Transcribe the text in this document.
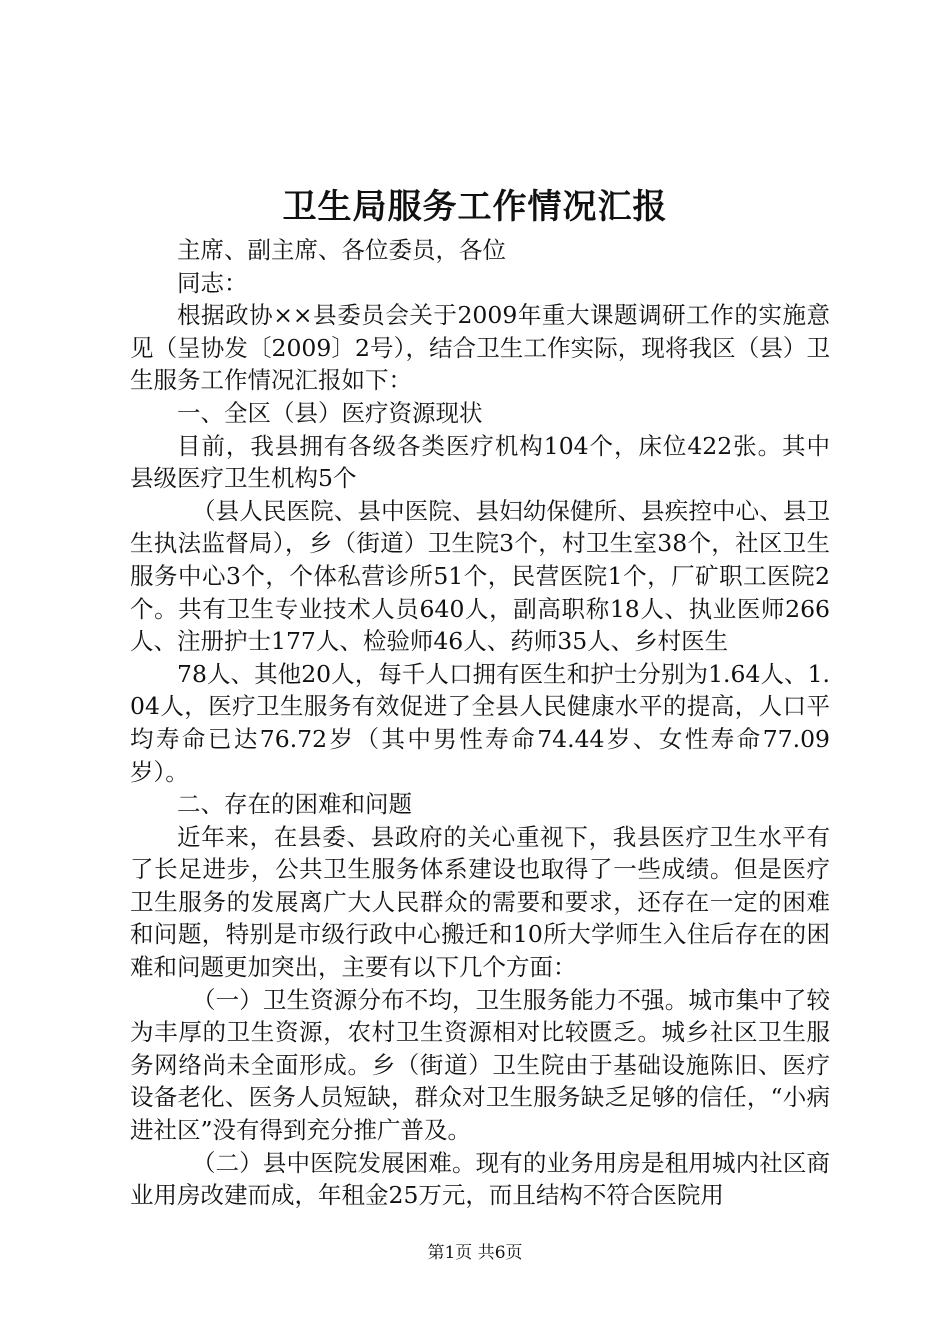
卫生局服务工作情况汇报

主席、副主席、各位委员，各位

同志：

根据政协××县委员会关于2009年重大课题调研工作的实施意见（呈协发〔2009〕2号），结合卫生工作实际，现将我区（县）卫生服务工作情况汇报如下：

一、全区（县）医疗资源现状

目前，我县拥有各级各类医疗机构104个，床位422张。其中县级医疗卫生机构5个

（县人民医院、县中医院、县妇幼保健所、县疾控中心、县卫生执法监督局），乡（街道）卫生院3个，村卫生室38个，社区卫生服务中心3个，个体私营诊所51个，民营医院1个，厂矿职工医院2个。共有卫生专业技术人员640人，副高职称18人、执业医师266人、注册护士177人、检验师46人、药师35人、乡村医生

78人、其他20人，每千人口拥有医生和护士分别为1.64人、1.04人，医疗卫生服务有效促进了全县人民健康水平的提高，人口平均寿命已达76.72岁（其中男性寿命74.44岁、女性寿命77.09岁）。

二、存在的困难和问题

近年来，在县委、县政府的关心重视下，我县医疗卫生水平有了长足进步，公共卫生服务体系建设也取得了一些成绩。但是医疗卫生服务的发展离广大人民群众的需要和要求，还存在一定的困难和问题，特别是市级行政中心搬迁和10所大学师生入住后存在的困难和问题更加突出，主要有以下几个方面：

（一）卫生资源分布不均，卫生服务能力不强。城市集中了较为丰厚的卫生资源，农村卫生资源相对比较匮乏。城乡社区卫生服务网络尚未全面形成。乡（街道）卫生院由于基础设施陈旧、医疗设备老化、医务人员短缺，群众对卫生服务缺乏足够的信任，“小病进社区”没有得到充分推广普及。

（二）县中医院发展困难。现有的业务用房是租用城内社区商业用房改建而成，年租金25万元，而且结构不符合医院用

第1页 共6页
